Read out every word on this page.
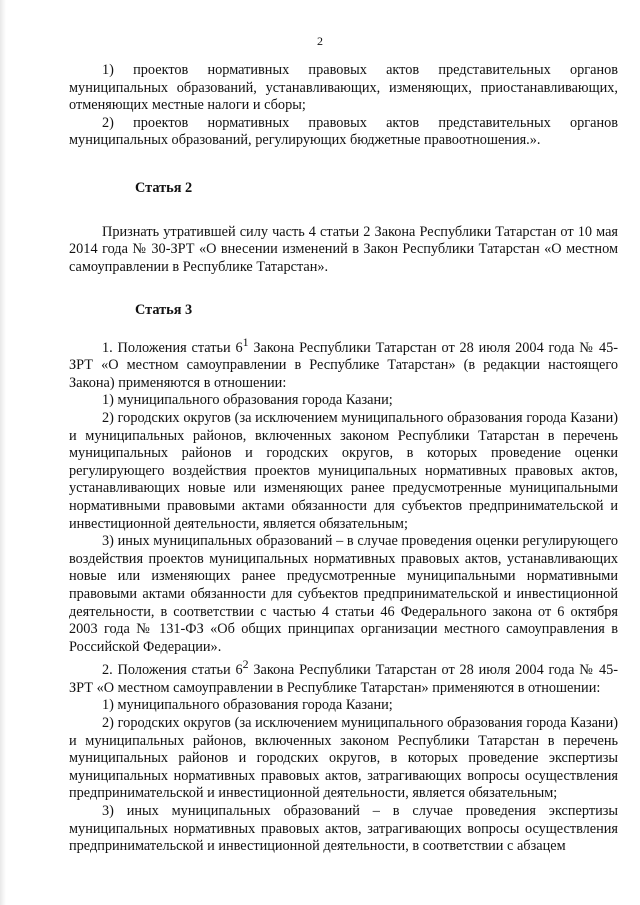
2

1) проектов нормативных правовых актов представительных органов муниципальных образований, устанавливающих, изменяющих, приостанавливающих, отменяющих местные налоги и сборы;

2) проектов нормативных правовых актов представительных органов муниципальных образований, регулирующих бюджетные правоотношения.».

Статья 2

Признать утратившей силу часть 4 статьи 2 Закона Республики Татарстан от 10 мая 2014 года № 30-ЗРТ «О внесении изменений в Закон Республики Татарстан «О местном самоуправлении в Республике Татарстан».

Статья 3

1. Положения статьи $6^1$ Закона Республики Татарстан от 28 июля 2004 года № 45-ЗРТ «О местном самоуправлении в Республике Татарстан» (в редакции настоящего Закона) применяются в отношении:

1) муниципального образования города Казани;

2) городских округов (за исключением муниципального образования города Казани) и муниципальных районов, включенных законом Республики Татарстан в перечень муниципальных районов и городских округов, в которых проведение оценки регулирующего воздействия проектов муниципальных нормативных правовых актов, устанавливающих новые или изменяющих ранее предусмотренные муниципальными нормативными правовыми актами обязанности для субъектов предпринимательской и инвестиционной деятельности, является обязательным;

3) иных муниципальных образований – в случае проведения оценки регулирующего воздействия проектов муниципальных нормативных правовых актов, устанавливающих новые или изменяющих ранее предусмотренные муниципальными нормативными правовыми актами обязанности для субъектов предпринимательской и инвестиционной деятельности, в соответствии с частью 4 статьи 46 Федерального закона от 6 октября 2003 года № 131-ФЗ «Об общих принципах организации местного самоуправления в Российской Федерации».

2. Положения статьи $6^2$ Закона Республики Татарстан от 28 июля 2004 года № 45-ЗРТ «О местном самоуправлении в Республике Татарстан» применяются в отношении:

1) муниципального образования города Казани;

2) городских округов (за исключением муниципального образования города Казани) и муниципальных районов, включенных законом Республики Татарстан в перечень муниципальных районов и городских округов, в которых проведение экспертизы муниципальных нормативных правовых актов, затрагивающих вопросы осуществления предпринимательской и инвестиционной деятельности, является обязательным;

3) иных муниципальных образований – в случае проведения экспертизы муниципальных нормативных правовых актов, затрагивающих вопросы осуществления предпринимательской и инвестиционной деятельности, в соответствии с абзацем
